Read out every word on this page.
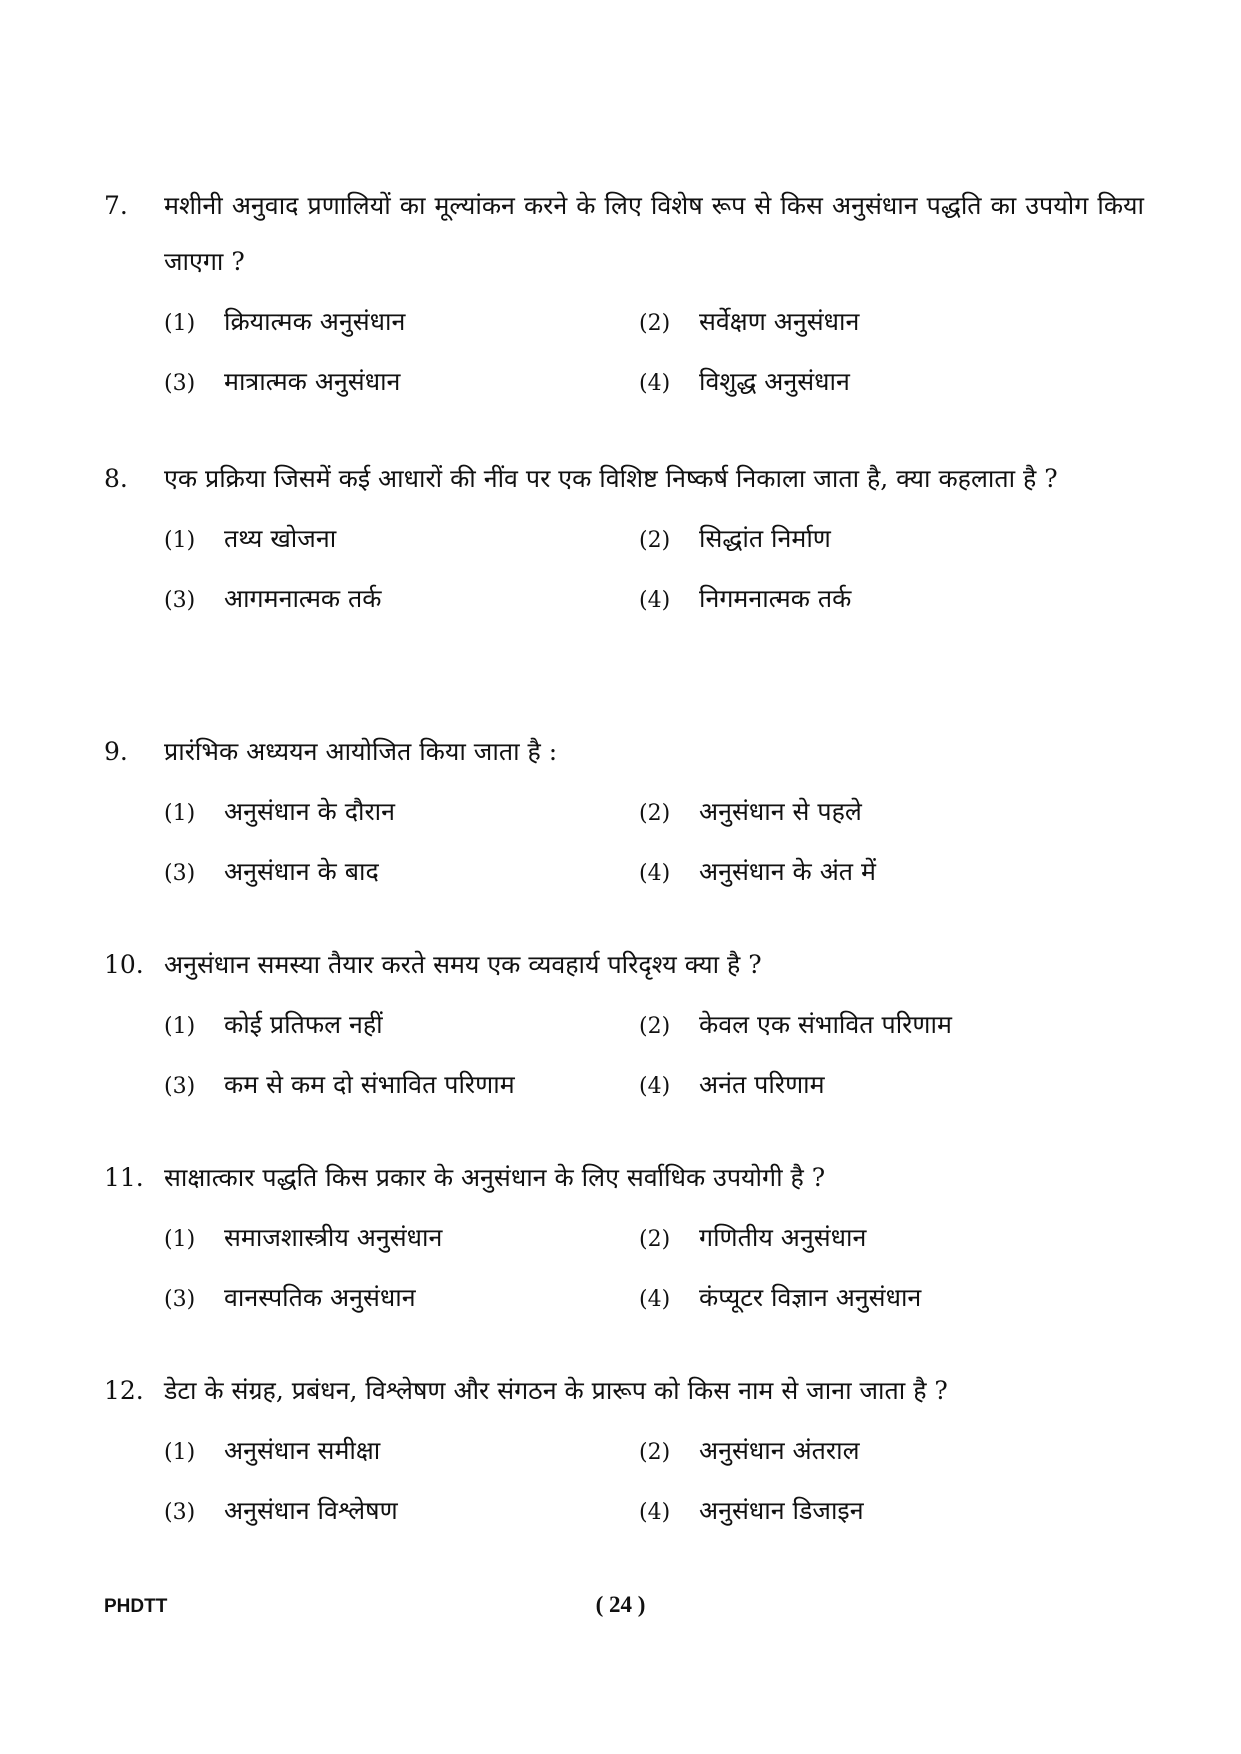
7. मशीनी अनुवाद प्रणालियों का मूल्यांकन करने के लिए विशेष रूप से किस अनुसंधान पद्धति का उपयोग किया जाएगा ?
(1) क्रियात्मक अनुसंधान	(2) सर्वेक्षण अनुसंधान
(3) मात्रात्मक अनुसंधान	(4) विशुद्ध अनुसंधान
8. एक प्रक्रिया जिसमें कई आधारों की नींव पर एक विशिष्ट निष्कर्ष निकाला जाता है, क्या कहलाता है ?
(1) तथ्य खोजना	(2) सिद्धांत निर्माण
(3) आगमनात्मक तर्क	(4) निगमनात्मक तर्क
9. प्रारंभिक अध्ययन आयोजित किया जाता है :
(1) अनुसंधान के दौरान	(2) अनुसंधान से पहले
(3) अनुसंधान के बाद	(4) अनुसंधान के अंत में
10. अनुसंधान समस्या तैयार करते समय एक व्यवहार्य परिदृश्य क्या है ?
(1) कोई प्रतिफल नहीं	(2) केवल एक संभावित परिणाम
(3) कम से कम दो संभावित परिणाम	(4) अनंत परिणाम
11. साक्षात्कार पद्धति किस प्रकार के अनुसंधान के लिए सर्वाधिक उपयोगी है ?
(1) समाजशास्त्रीय अनुसंधान	(2) गणितीय अनुसंधान
(3) वानस्पतिक अनुसंधान	(4) कंप्यूटर विज्ञान अनुसंधान
12. डेटा के संग्रह, प्रबंधन, विश्लेषण और संगठन के प्रारूप को किस नाम से जाना जाता है ?
(1) अनुसंधान समीक्षा	(2) अनुसंधान अंतराल
(3) अनुसंधान विश्लेषण	(4) अनुसंधान डिजाइन
PHDTT	( 24 )
